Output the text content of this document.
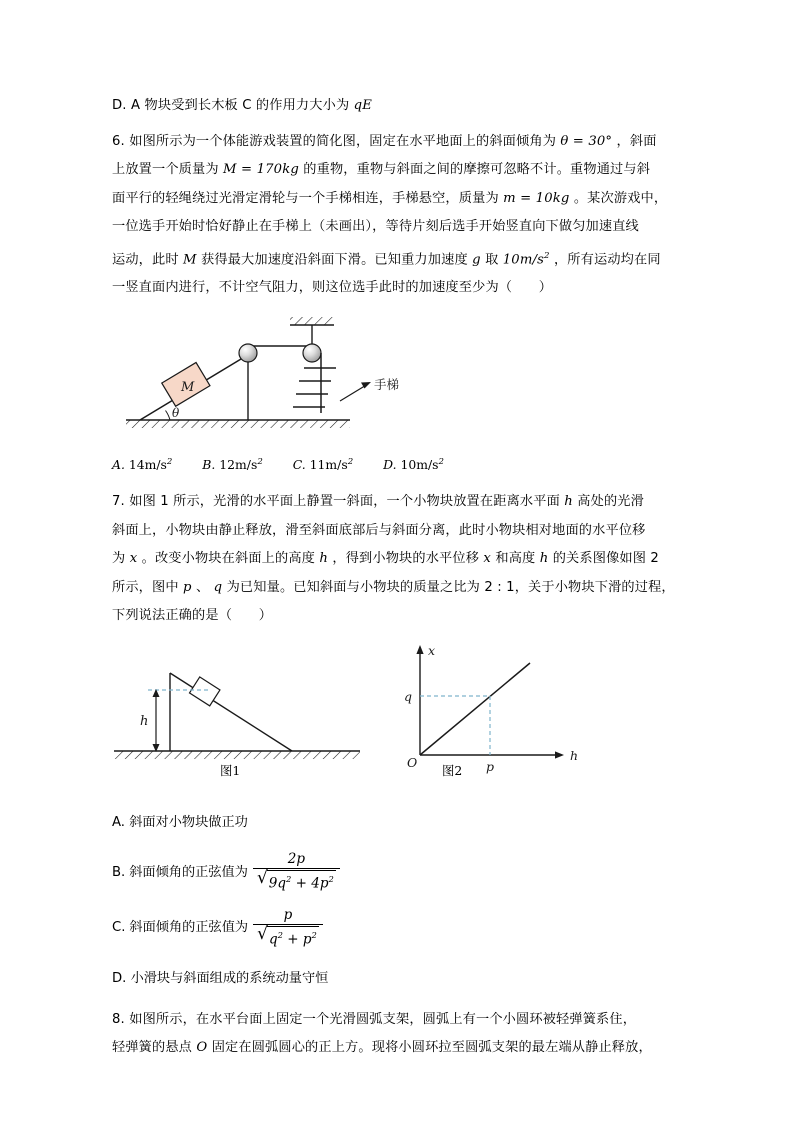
D. A 物块受到长木板 C 的作用力大小为 qE
6. 如图所示为一个体能游戏装置的简化图，固定在水平地面上的斜面倾角为 θ = 30° ，斜面
上放置一个质量为 M = 170kg 的重物，重物与斜面之间的摩擦可忽略不计。重物通过与斜
面平行的轻绳绕过光滑定滑轮与一个手梯相连，手梯悬空，质量为 m = 10kg 。某次游戏中，
一位选手开始时恰好静止在手梯上（未画出），等待片刻后选手开始竖直向下做匀加速直线
运动，此时 M 获得最大加速度沿斜面下滑。已知重力加速度 g 取 $10m/s^2$ ，所有运动均在同
一竖直面内进行，不计空气阻力，则这位选手此时的加速度至少为（　　）
θ
M	手梯
A. $14m/s^2$ B. $12m/s^2$ C. $11m/s^2$ D. $10m/s^2$
7. 如图 1 所示，光滑的水平面上静置一斜面，一个小物块放置在距离水平面 h 高处的光滑
斜面上，小物块由静止释放，滑至斜面底部后与斜面分离，此时小物块相对地面的水平位移
为 x 。改变小物块在斜面上的高度 h ，得到小物块的水平位移 x 和高度 h 的关系图像如图 2
所示，图中 p 、 q 为已知量。已知斜面与小物块的质量之比为 2 : 1，关于小物块下滑的过程，
下列说法正确的是（　　）
h
图1
x
h
O
q
p
图2
A. 斜面对小物块做正功
B. 斜面倾角的正弦值为 $\frac{2p}{√ 9q^2 + 4p^2}$
C. 斜面倾角的正弦值为 $\frac{p}{√ q^2 + p^2}$
D. 小滑块与斜面组成的系统动量守恒
8. 如图所示，在水平台面上固定一个光滑圆弧支架，圆弧上有一个小圆环被轻弹簧系住，
轻弹簧的悬点 O 固定在圆弧圆心的正上方。现将小圆环拉至圆弧支架的最左端从静止释放，
